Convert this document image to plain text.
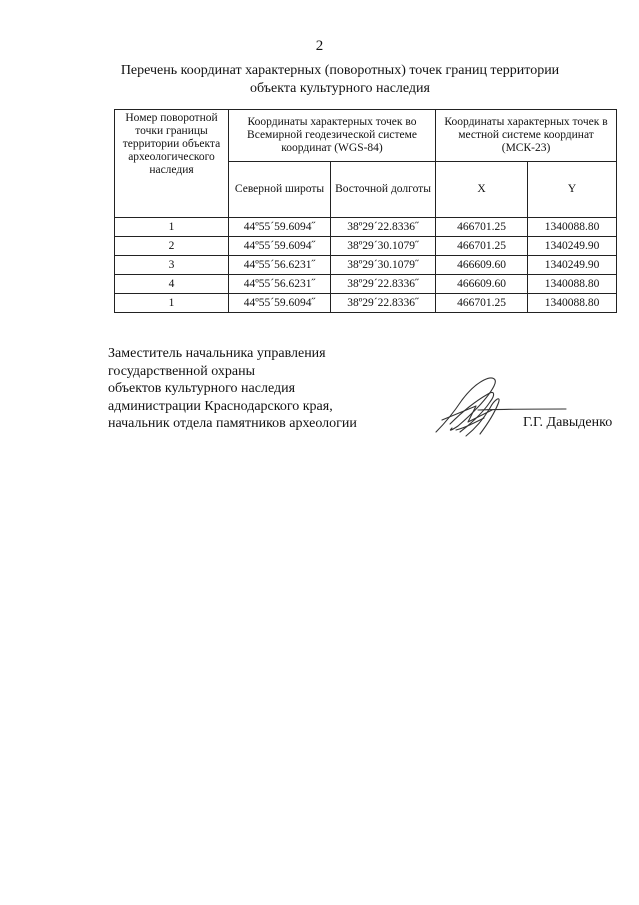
2
Перечень координат характерных (поворотных) точек границ территории
объекта культурного наследия
Номер поворотной точки границы территории объекта археологического наследия	Координаты характерных точек во Всемирной геодезической системе координат (WGS-84)		Координаты характерных точек в местной системе координат (МСК-23)	
	Северной широты	Восточной долготы	X	Y
1	44º55´59.6094˝	38º29´22.8336˝	466701.25	1340088.80
2	44º55´59.6094˝	38º29´30.1079˝	466701.25	1340249.90
3	44º55´56.6231˝	38º29´30.1079˝	466609.60	1340249.90
4	44º55´56.6231˝	38º29´22.8336˝	466609.60	1340088.80
1	44º55´59.6094˝	38º29´22.8336˝	466701.25	1340088.80
Заместитель начальника управления
государственной охраны
объектов культурного наследия
администрации Краснодарского края,
начальник отдела памятников археологии	Г.Г. Давыденко
